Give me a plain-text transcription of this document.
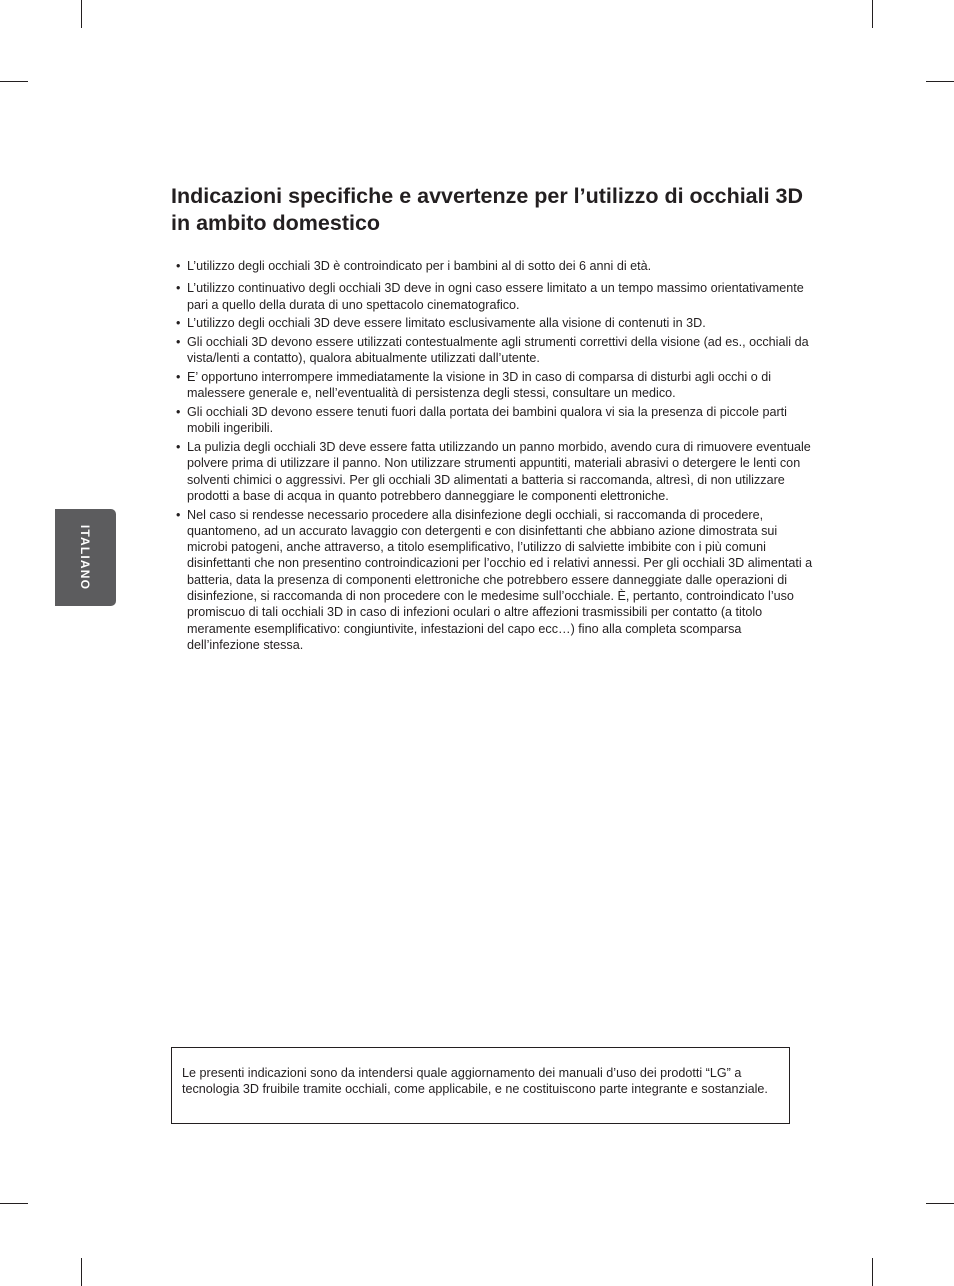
ITALIANO
Indicazioni specifiche e avvertenze per l’utilizzo di occhiali 3D in ambito domestico
• L’utilizzo degli occhiali 3D è controindicato per i bambini al di sotto dei 6 anni di età.
• L’utilizzo continuativo degli occhiali 3D deve in ogni caso essere limitato a un tempo massimo orientativamente pari a quello della durata di uno spettacolo cinematografico.
• L’utilizzo degli occhiali 3D deve essere limitato esclusivamente alla visione di contenuti in 3D.
• Gli occhiali 3D devono essere utilizzati contestualmente agli strumenti correttivi della visione (ad es., occhiali da vista/lenti a contatto), qualora abitualmente utilizzati dall’utente.
• E’ opportuno interrompere immediatamente la visione in 3D in caso di comparsa di disturbi agli occhi o di malessere generale e, nell’eventualità di persistenza degli stessi, consultare un medico.
• Gli occhiali 3D devono essere tenuti fuori dalla portata dei bambini qualora vi sia la presenza di piccole parti mobili ingeribili.
• La pulizia degli occhiali 3D deve essere fatta utilizzando un panno morbido, avendo cura di rimuovere eventuale polvere prima di utilizzare il panno. Non utilizzare strumenti appuntiti, materiali abrasivi o detergere le lenti con solventi chimici o aggressivi. Per gli occhiali 3D alimentati a batteria si raccomanda, altresì, di non utilizzare prodotti a base di acqua in quanto potrebbero danneggiare le componenti elettroniche.
• Nel caso si rendesse necessario procedere alla disinfezione degli occhiali, si raccomanda di procedere, quantomeno, ad un accurato lavaggio con detergenti e con disinfettanti che abbiano azione dimostrata sui microbi patogeni, anche attraverso, a titolo esemplificativo, l’utilizzo di salviette imbibite con i più comuni disinfettanti che non presentino controindicazioni per l’occhio ed i relativi annessi. Per gli occhiali 3D alimentati a batteria, data la presenza di componenti elettroniche che potrebbero essere danneggiate dalle operazioni di disinfezione, si raccomanda di non procedere con le medesime sull’occhiale. È, pertanto, controindicato l’uso promiscuo di tali occhiali 3D in caso di infezioni oculari o altre affezioni trasmissibili per contatto (a titolo meramente esemplificativo: congiuntivite, infestazioni del capo ecc…) fino alla completa scomparsa dell’infezione stessa.
Le presenti indicazioni sono da intendersi quale aggiornamento dei manuali d’uso dei prodotti “LG” a tecnologia 3D fruibile tramite occhiali, come applicabile, e ne costituiscono parte integrante e sostanziale.
